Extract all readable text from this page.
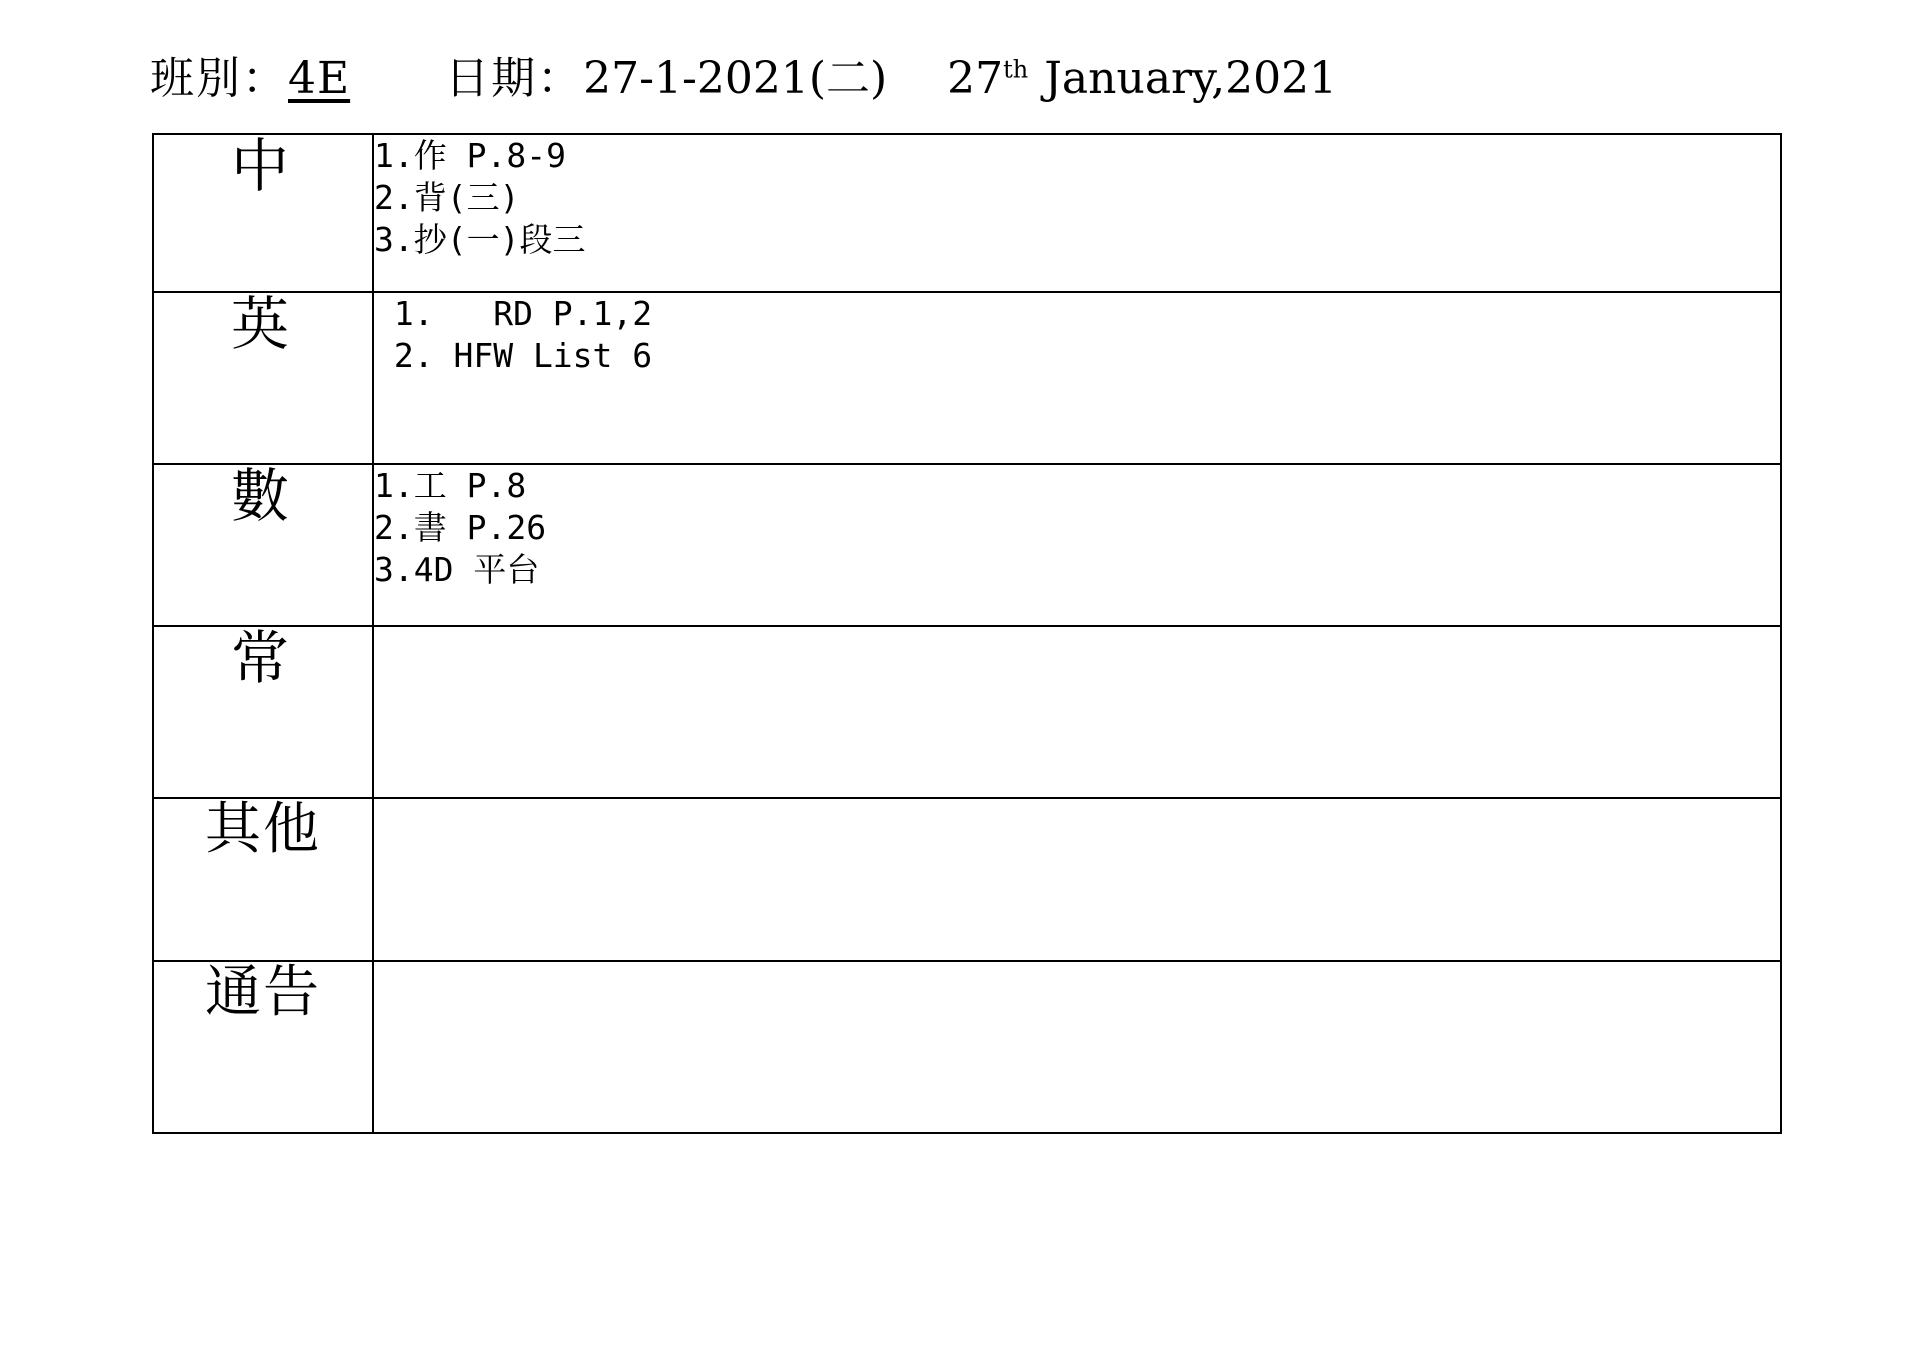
班別： 4E 日期： 27-1-2021(二) 27th January,2021
中	1.作 P.8-9
2.背(三)
3.抄(一)段三

英	1.   RD P.1,2
2. HFW List 6

數	1.工 P.8
2.書 P.26
3.4D 平台

常	
其他	
通告	
